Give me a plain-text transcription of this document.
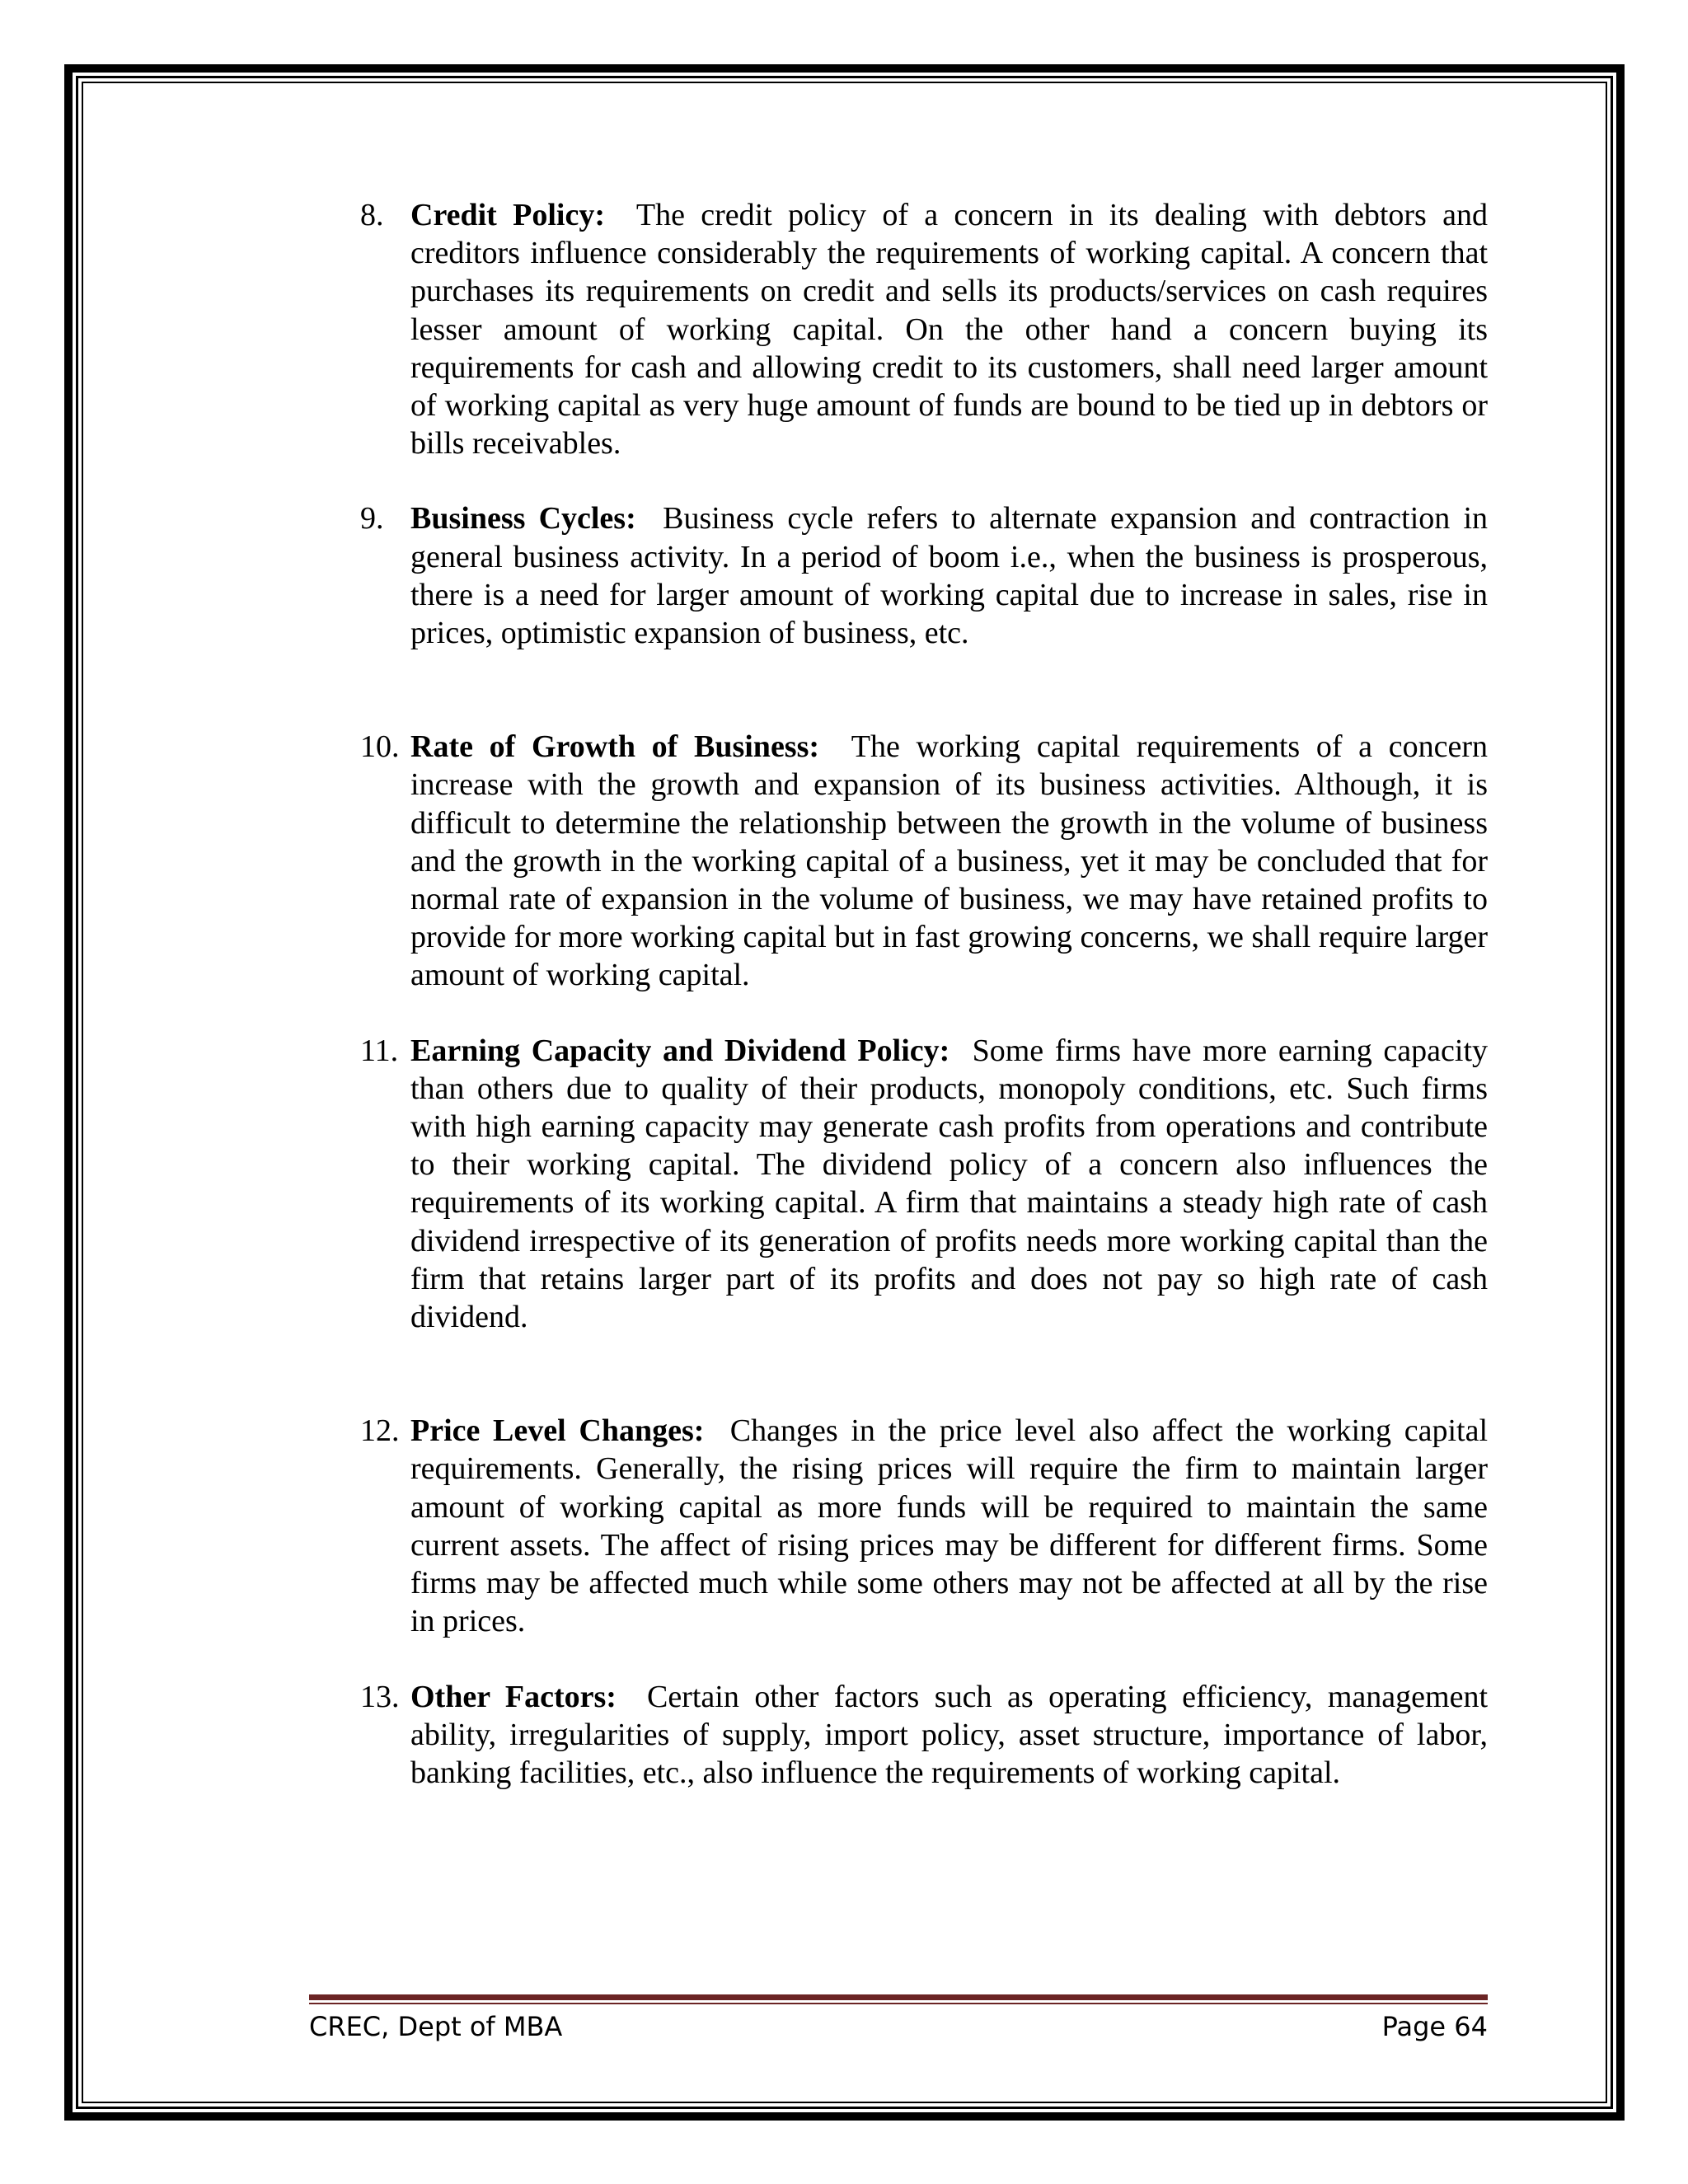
8. Credit Policy: The credit policy of a concern in its dealing with debtors and creditors influence considerably the requirements of working capital. A concern that purchases its requirements on credit and sells its products/services on cash requires lesser amount of working capital. On the other hand a concern buying its requirements for cash and allowing credit to its customers, shall need larger amount of working capital as very huge amount of funds are bound to be tied up in debtors or bills receivables.

9. Business Cycles: Business cycle refers to alternate expansion and contraction in general business activity. In a period of boom i.e., when the business is prosperous, there is a need for larger amount of working capital due to increase in sales, rise in prices, optimistic expansion of business, etc.

10. Rate of Growth of Business: The working capital requirements of a concern increase with the growth and expansion of its business activities. Although, it is difficult to determine the relationship between the growth in the volume of business and the growth in the working capital of a business, yet it may be concluded that for normal rate of expansion in the volume of business, we may have retained profits to provide for more working capital but in fast growing concerns, we shall require larger amount of working capital.

11. Earning Capacity and Dividend Policy: Some firms have more earning capacity than others due to quality of their products, monopoly conditions, etc. Such firms with high earning capacity may generate cash profits from operations and contribute to their working capital. The dividend policy of a concern also influences the requirements of its working capital. A firm that maintains a steady high rate of cash dividend irrespective of its generation of profits needs more working capital than the firm that retains larger part of its profits and does not pay so high rate of cash dividend.

12. Price Level Changes: Changes in the price level also affect the working capital requirements. Generally, the rising prices will require the firm to maintain larger amount of working capital as more funds will be required to maintain the same current assets. The affect of rising prices may be different for different firms. Some firms may be affected much while some others may not be affected at all by the rise in prices.

13. Other Factors: Certain other factors such as operating efficiency, management ability, irregularities of supply, import policy, asset structure, importance of labor, banking facilities, etc., also influence the requirements of working capital.

CREC, Dept of MBA	Page 64
